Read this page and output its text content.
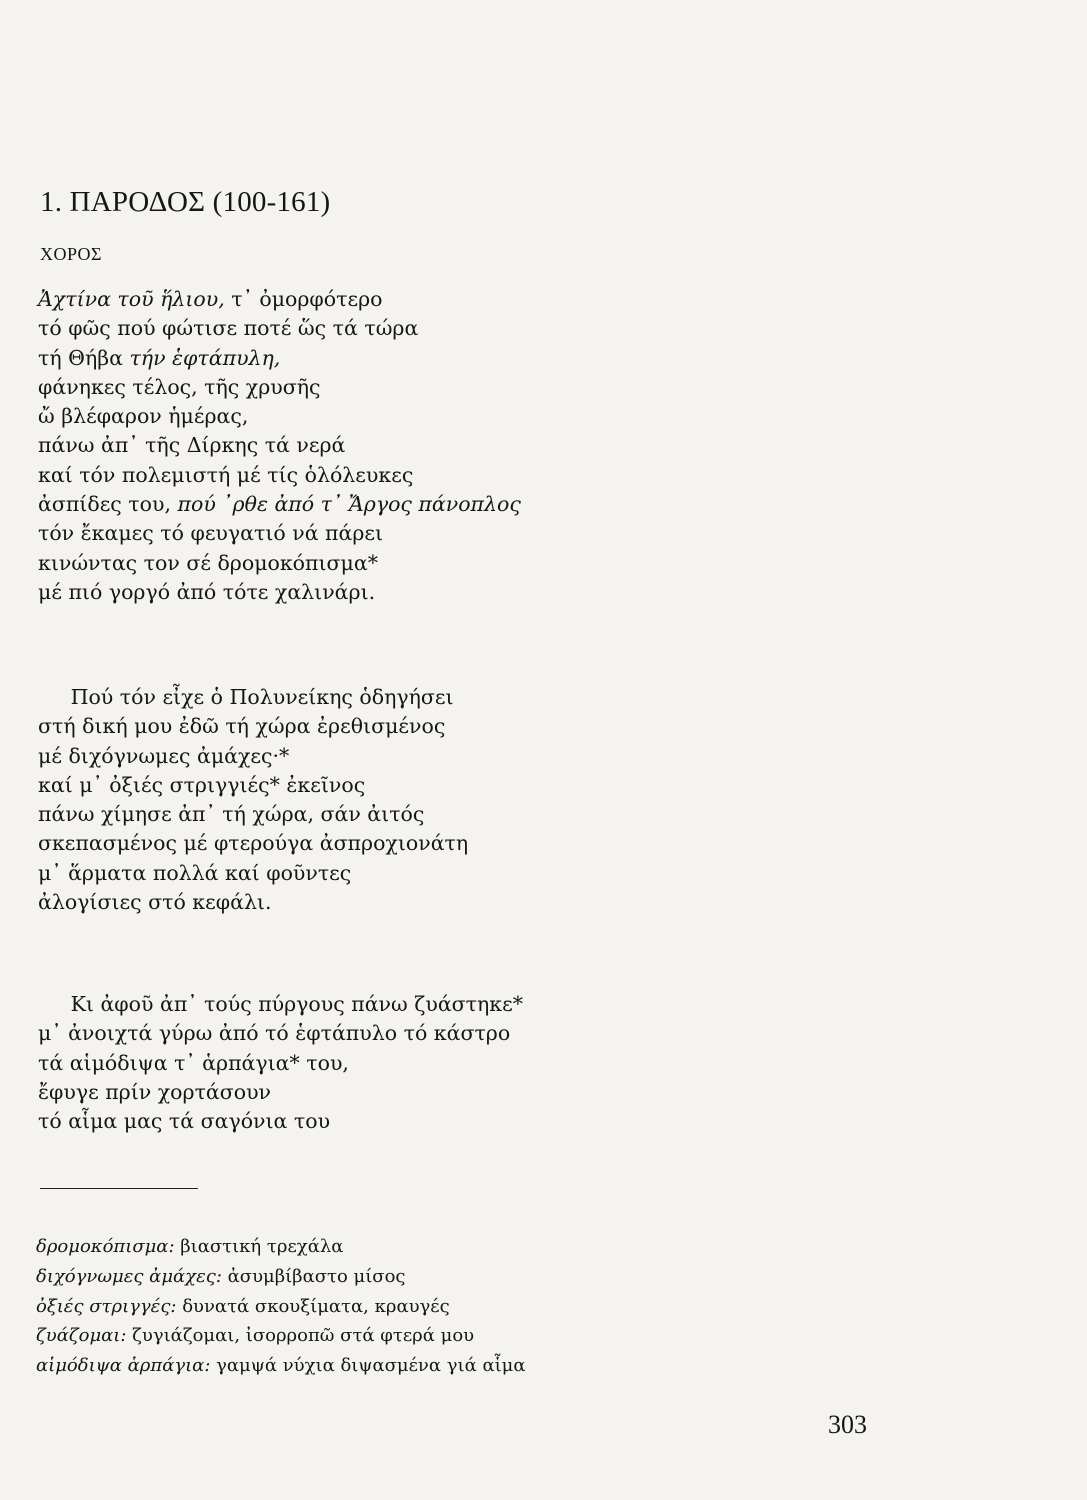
1. ΠΑΡΟΔΟΣ (100-161)
ΧΟΡΟΣ
Ἀχτίνα τοῦ ἥλιου, τ᾽ ὀμορφότερο
τό φῶς πού φώτισε ποτέ ὥς τά τώρα
τή Θήβα τήν ἑφτάπυλη,
φάνηκες τέλος, τῆς χρυσῆς
ὤ βλέφαρον ἡμέρας,
πάνω ἀπ᾽ τῆς Δίρκης τά νερά
καί τόν πολεμιστή μέ τίς ὁλόλευκες
ἀσπίδες του, πού ᾿ρθε ἀπό τ᾽ Ἄργος πάνοπλος
τόν ἔκαμες τό φευγατιό νά πάρει
κινώντας τον σέ δρομοκόπισμα*
μέ πιό γοργό ἀπό τότε χαλινάρι.
Πού τόν εἶχε ὁ Πολυνείκης ὁδηγήσει
στή δική μου ἐδῶ τή χώρα ἐρεθισμένος
μέ διχόγνωμες ἀμάχες·*
καί μ᾽ ὀξιές στριγγιές* ἐκεῖνος
πάνω χίμησε ἀπ᾽ τή χώρα, σάν ἀιτός
σκεπασμένος μέ φτερούγα ἀσπροχιονάτη
μ᾽ ἅρματα πολλά καί φοῦντες
ἀλογίσιες στό κεφάλι.
Κι ἀφοῦ ἀπ᾽ τούς πύργους πάνω ζυάστηκε*
μ᾽ ἀνοιχτά γύρω ἀπό τό ἑφτάπυλο τό κάστρο
τά αἱμόδιψα τ᾽ ἁρπάγια* του,
ἔφυγε πρίν χορτάσουν
τό αἷμα μας τά σαγόνια του
δρομοκόπισμα: βιαστική τρεχάλα
διχόγνωμες ἀμάχες: ἀσυμβίβαστο μίσος
ὀξιές στριγγές: δυνατά σκουξίματα, κραυγές
ζυάζομαι: ζυγιάζομαι, ἰσορροπῶ στά φτερά μου
αἱμόδιψα ἁρπάγια: γαμψά νύχια διψασμένα γιά αἷμα
303
